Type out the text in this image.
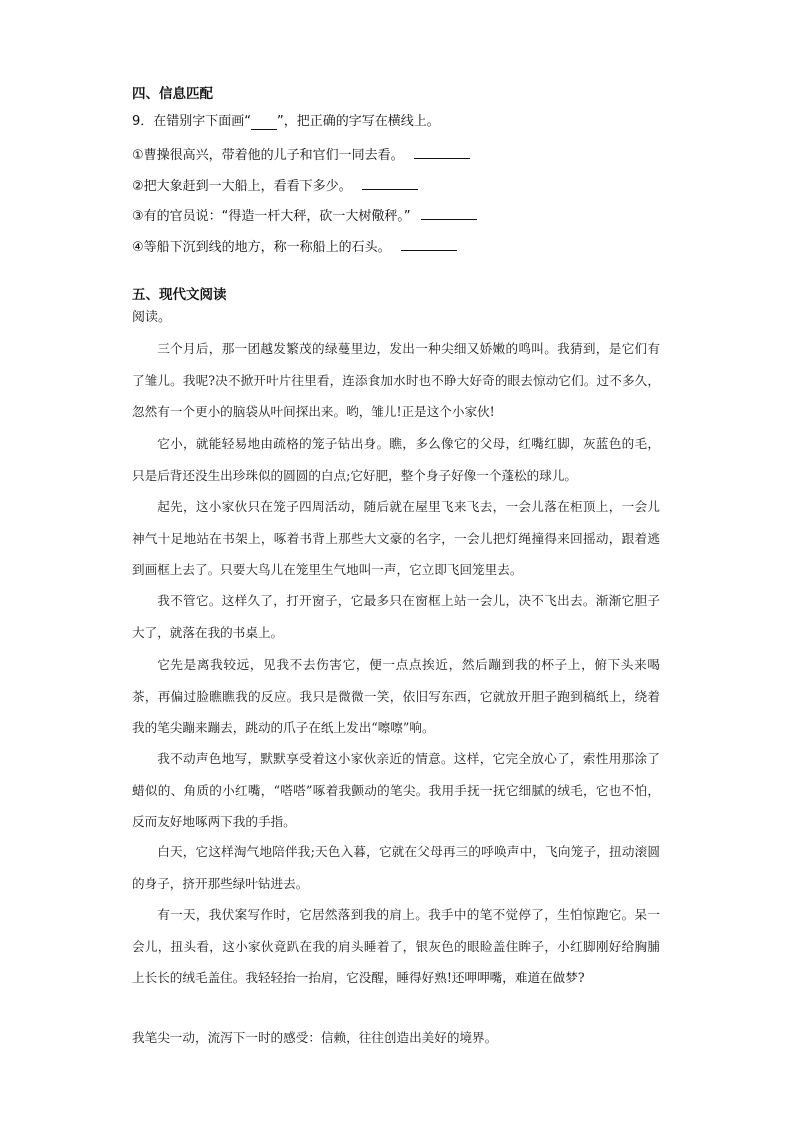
四、信息匹配

9．在错别字下面画“ ”，把正确的字写在横线上。

①曹操很高兴，带着他的儿子和官们一同去看。

②把大象赶到一大船上，看看下多少。

③有的官员说：“得造一杆大秤，砍一大树儆秤。”

④等船下沉到线的地方，称一称船上的石头。

五、现代文阅读

阅读。

三个月后，那一团越发繁茂的绿蔓里边，发出一种尖细又娇嫩的鸣叫。我猜到，是它们有了雏儿。我呢?决不掀开叶片往里看，连添食加水时也不睁大好奇的眼去惊动它们。过不多久，忽然有一个更小的脑袋从叶间探出来。哟，雏儿!正是这个小家伙!

它小，就能轻易地由疏格的笼子钻出身。瞧，多么像它的父母，红嘴红脚，灰蓝色的毛，只是后背还没生出珍珠似的圆圆的白点;它好肥，整个身子好像一个蓬松的球儿。

起先，这小家伙只在笼子四周活动，随后就在屋里飞来飞去，一会儿落在柜顶上，一会儿神气十足地站在书架上，啄着书背上那些大文豪的名字，一会儿把灯绳撞得来回摇动，跟着逃到画框上去了。只要大鸟儿在笼里生气地叫一声，它立即飞回笼里去。

我不管它。这样久了，打开窗子，它最多只在窗框上站一会儿，决不飞出去。渐渐它胆子大了，就落在我的书桌上。

它先是离我较远，见我不去伤害它，便一点点挨近，然后蹦到我的杯子上，俯下头来喝茶，再偏过脸瞧瞧我的反应。我只是微微一笑，依旧写东西，它就放开胆子跑到稿纸上，绕着我的笔尖蹦来蹦去，跳动的爪子在纸上发出“嚓嚓”响。

我不动声色地写，默默享受着这小家伙亲近的情意。这样，它完全放心了，索性用那涂了蜡似的、角质的小红嘴，“嗒嗒”啄着我颤动的笔尖。我用手抚一抚它细腻的绒毛，它也不怕，反而友好地啄两下我的手指。

白天，它这样淘气地陪伴我;天色入暮，它就在父母再三的呼唤声中，飞向笼子，扭动滚圆的身子，挤开那些绿叶钻进去。

有一天，我伏案写作时，它居然落到我的肩上。我手中的笔不觉停了，生怕惊跑它。呆一会儿，扭头看，这小家伙竟趴在我的肩头睡着了，银灰色的眼睑盖住眸子，小红脚刚好给胸脯上长长的绒毛盖住。我轻轻抬一抬肩，它没醒，睡得好熟!还呷呷嘴，难道在做梦?

我笔尖一动，流泻下一时的感受：信赖，往往创造出美好的境界。
